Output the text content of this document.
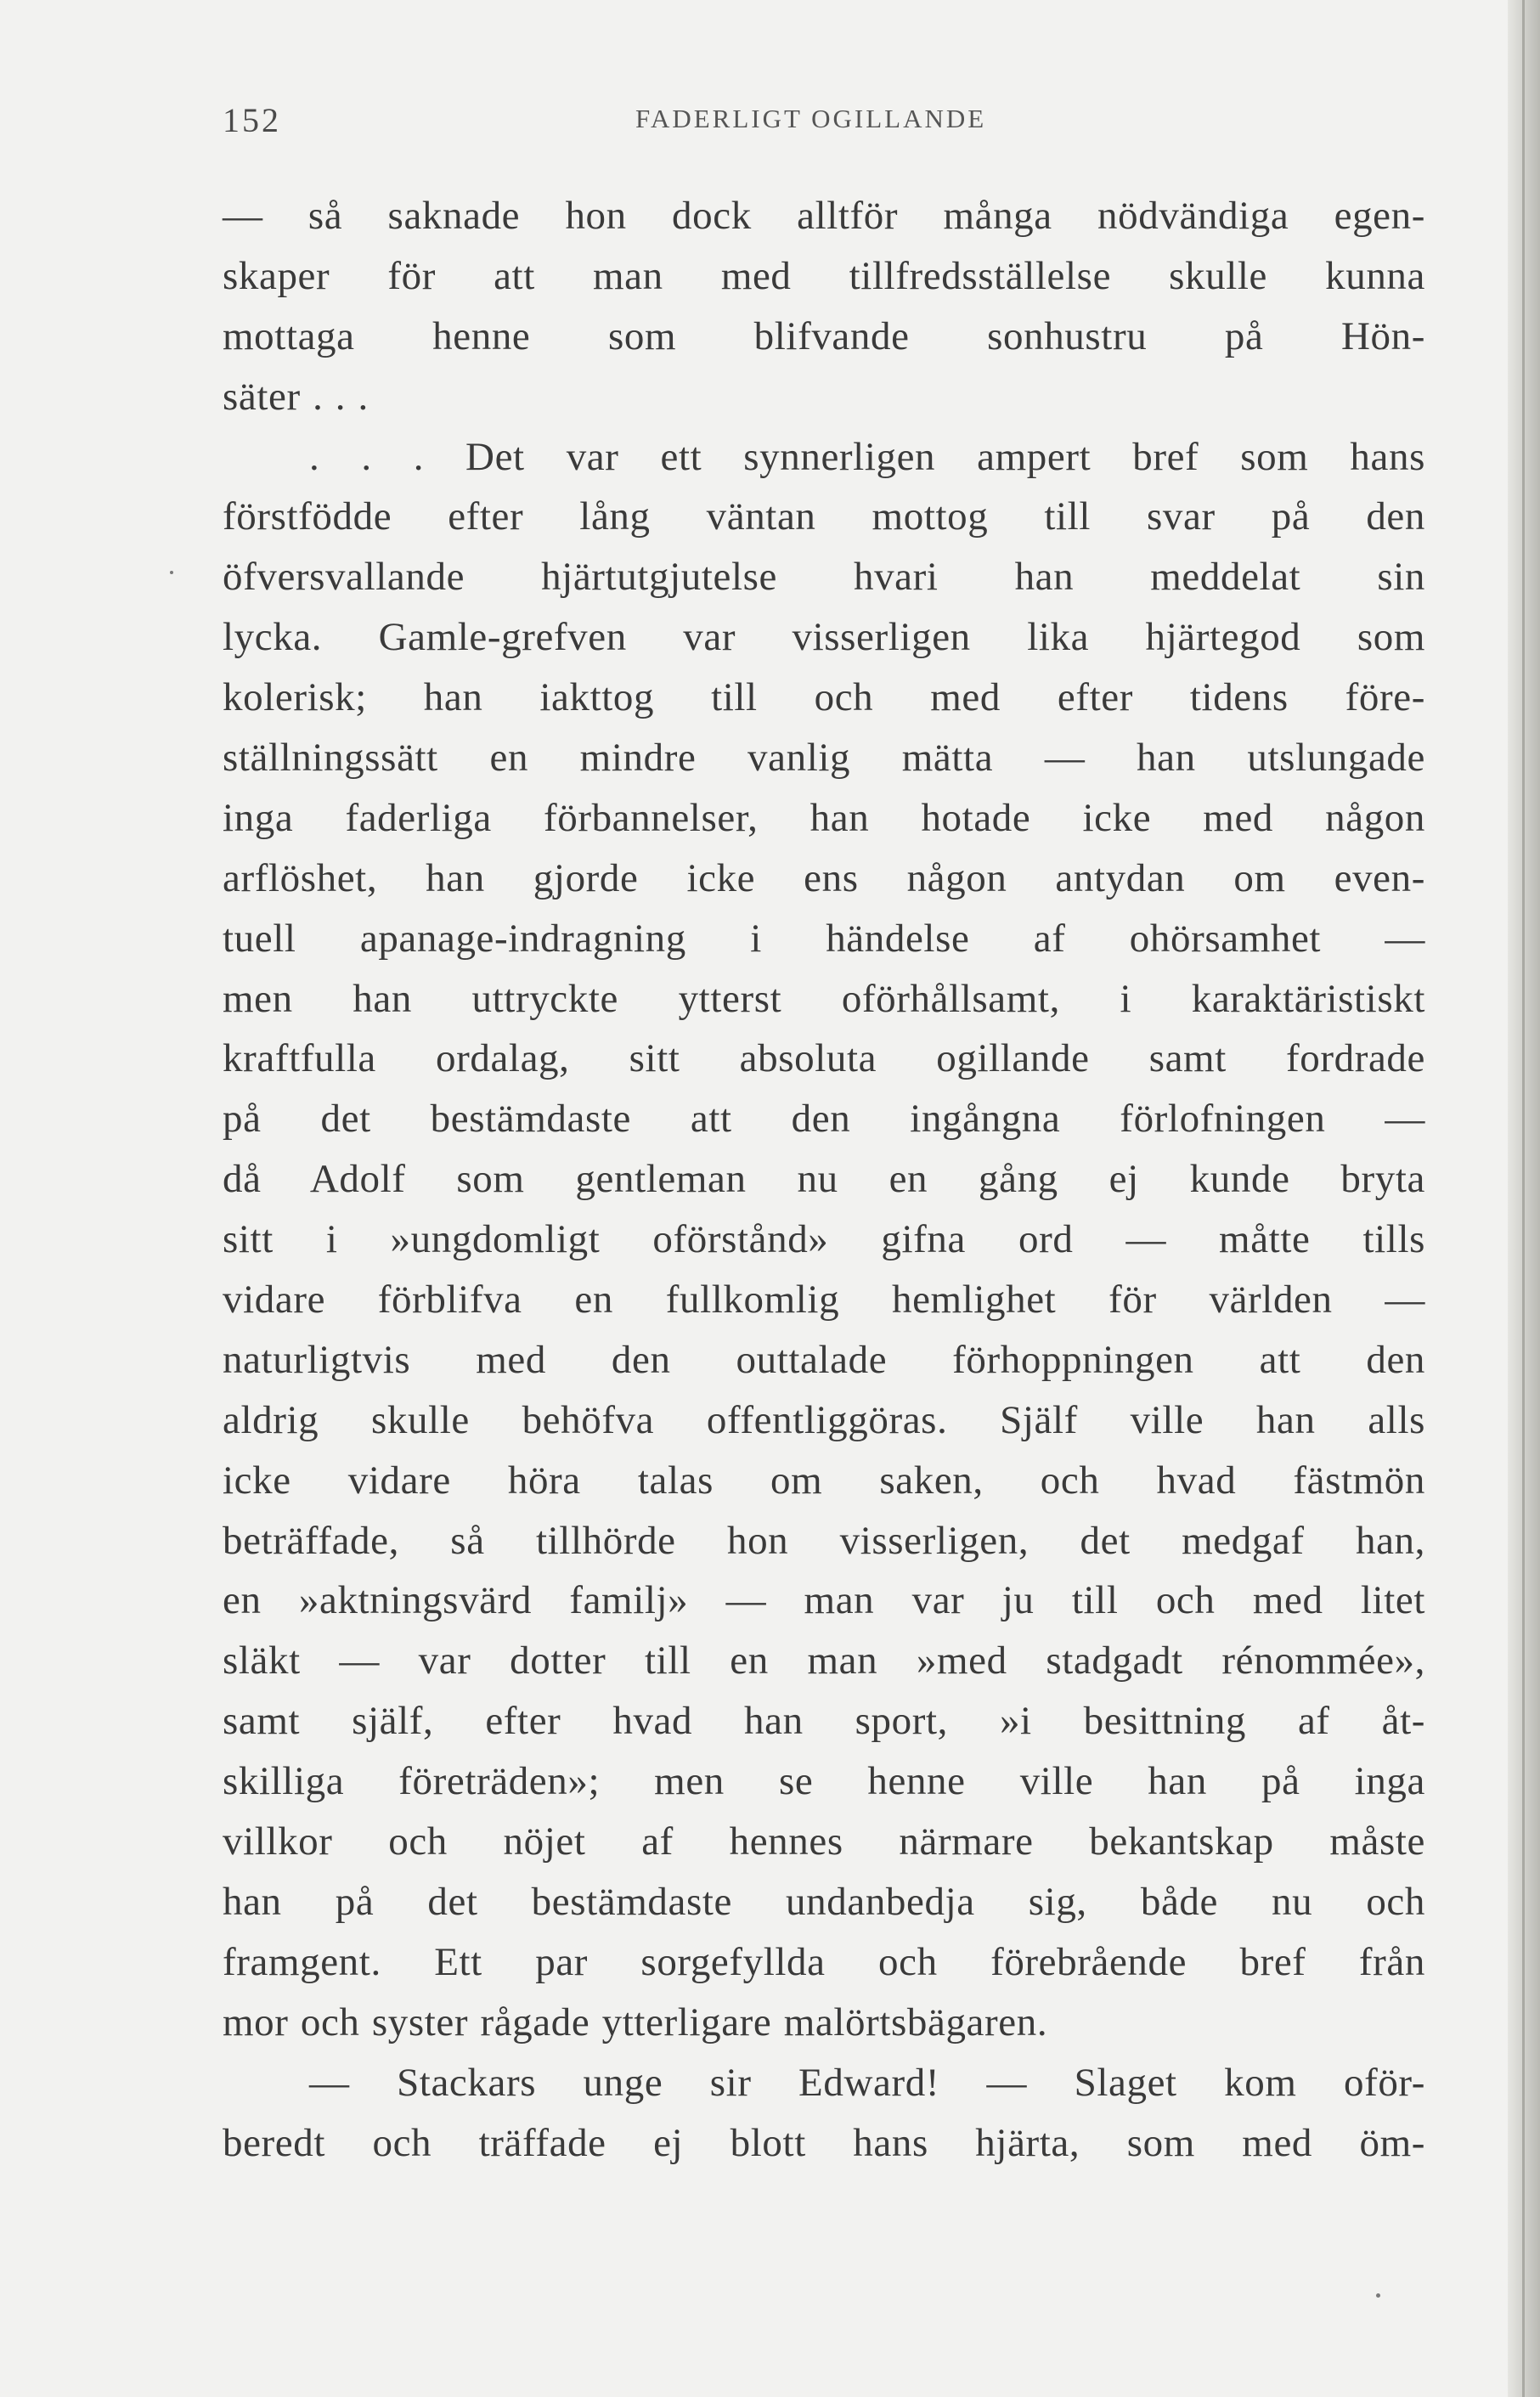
152	FADERLIGT OGILLANDE
— så saknade hon dock alltför många nödvändiga egen-
skaper för att man med tillfredsställelse skulle kunna
mottaga henne som blifvande sonhustru på Hön-
säter . . .
. . . Det var ett synnerligen ampert bref som hans
förstfödde efter lång väntan mottog till svar på den
öfversvallande hjärtutgjutelse hvari han meddelat sin
lycka. Gamle-grefven var visserligen lika hjärtegod som
kolerisk; han iakttog till och med efter tidens före-
ställningssätt en mindre vanlig mätta — han utslungade
inga faderliga förbannelser, han hotade icke med någon
arflöshet, han gjorde icke ens någon antydan om even-
tuell apanage-indragning i händelse af ohörsamhet —
men han uttryckte ytterst oförhållsamt, i karaktäristiskt
kraftfulla ordalag, sitt absoluta ogillande samt fordrade
på det bestämdaste att den ingångna förlofningen —
då Adolf som gentleman nu en gång ej kunde bryta
sitt i »ungdomligt oförstånd» gifna ord — måtte tills
vidare förblifva en fullkomlig hemlighet för världen —
naturligtvis med den outtalade förhoppningen att den
aldrig skulle behöfva offentliggöras. Själf ville han alls
icke vidare höra talas om saken, och hvad fästmön
beträffade, så tillhörde hon visserligen, det medgaf han,
en »aktningsvärd familj» — man var ju till och med litet
släkt — var dotter till en man »med stadgadt rénommée»,
samt själf, efter hvad han sport, »i besittning af åt-
skilliga företräden»; men se henne ville han på inga
villkor och nöjet af hennes närmare bekantskap måste
han på det bestämdaste undanbedja sig, både nu och
framgent. Ett par sorgefyllda och förebrående bref från
mor och syster rågade ytterligare malörtsbägaren.
— Stackars unge sir Edward! — Slaget kom oför-
beredt och träffade ej blott hans hjärta, som med öm-
